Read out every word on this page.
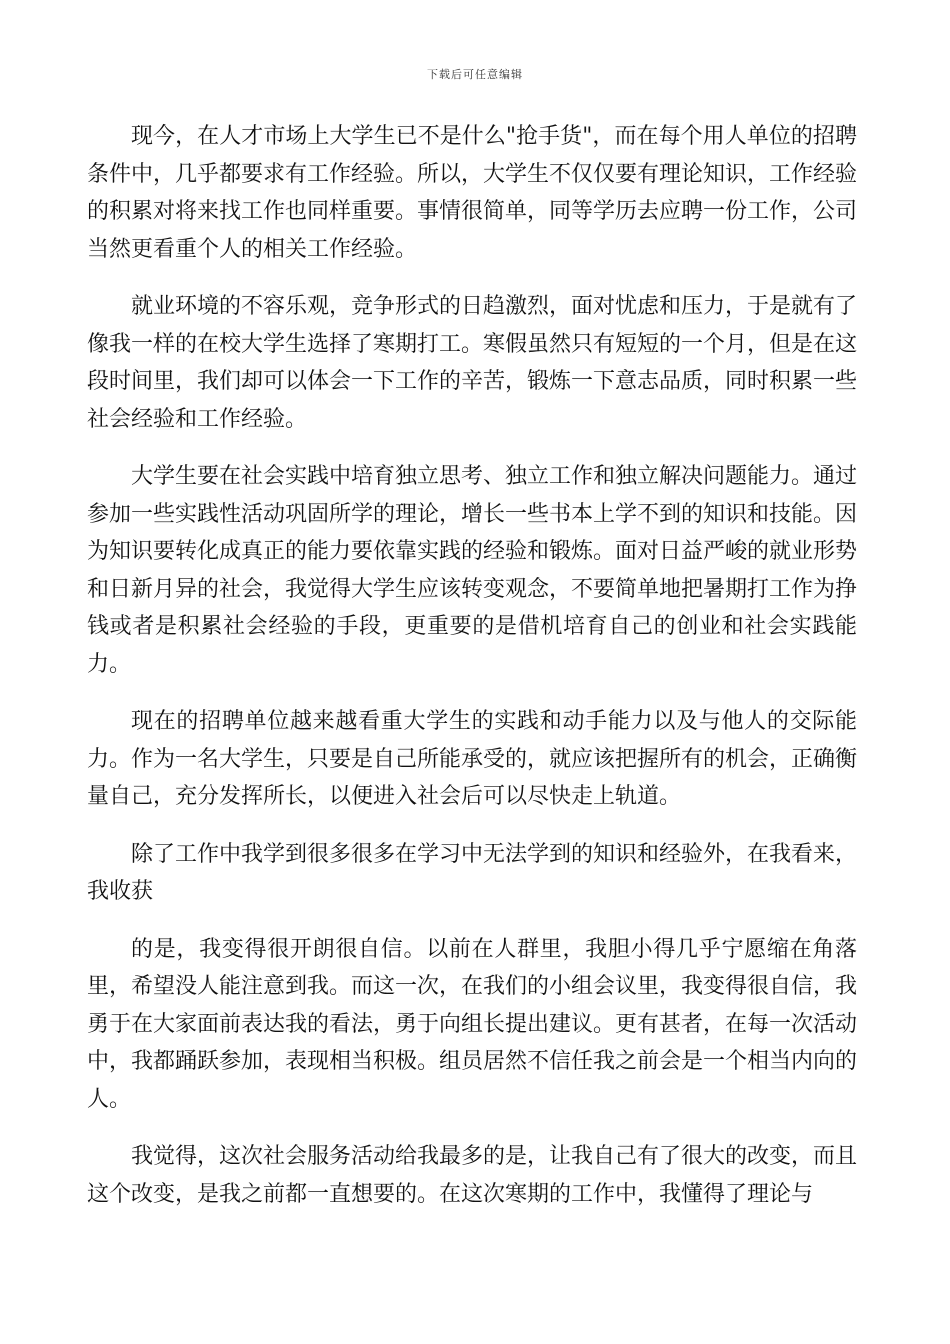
下载后可任意编辑

现今，在人才市场上大学生已不是什么"抢手货"，而在每个用人单位的招聘条件中，几乎都要求有工作经验。所以，大学生不仅仅要有理论知识，工作经验的积累对将来找工作也同样重要。事情很简单，同等学历去应聘一份工作，公司当然更看重个人的相关工作经验。

就业环境的不容乐观，竞争形式的日趋激烈，面对忧虑和压力，于是就有了像我一样的在校大学生选择了寒期打工。寒假虽然只有短短的一个月，但是在这段时间里，我们却可以体会一下工作的辛苦，锻炼一下意志品质，同时积累一些社会经验和工作经验。

大学生要在社会实践中培育独立思考、独立工作和独立解决问题能力。通过参加一些实践性活动巩固所学的理论，增长一些书本上学不到的知识和技能。因为知识要转化成真正的能力要依靠实践的经验和锻炼。面对日益严峻的就业形势和日新月异的社会，我觉得大学生应该转变观念，不要简单地把暑期打工作为挣钱或者是积累社会经验的手段，更重要的是借机培育自己的创业和社会实践能力。

现在的招聘单位越来越看重大学生的实践和动手能力以及与他人的交际能力。作为一名大学生，只要是自己所能承受的，就应该把握所有的机会，正确衡量自己，充分发挥所长，以便进入社会后可以尽快走上轨道。

除了工作中我学到很多很多在学习中无法学到的知识和经验外，在我看来，我收获

的是，我变得很开朗很自信。以前在人群里，我胆小得几乎宁愿缩在角落里，希望没人能注意到我。而这一次，在我们的小组会议里，我变得很自信，我勇于在大家面前表达我的看法，勇于向组长提出建议。更有甚者，在每一次活动中，我都踊跃参加，表现相当积极。组员居然不信任我之前会是一个相当内向的人。

我觉得，这次社会服务活动给我最多的是，让我自己有了很大的改变，而且这个改变，是我之前都一直想要的。在这次寒期的工作中，我懂得了理论与
